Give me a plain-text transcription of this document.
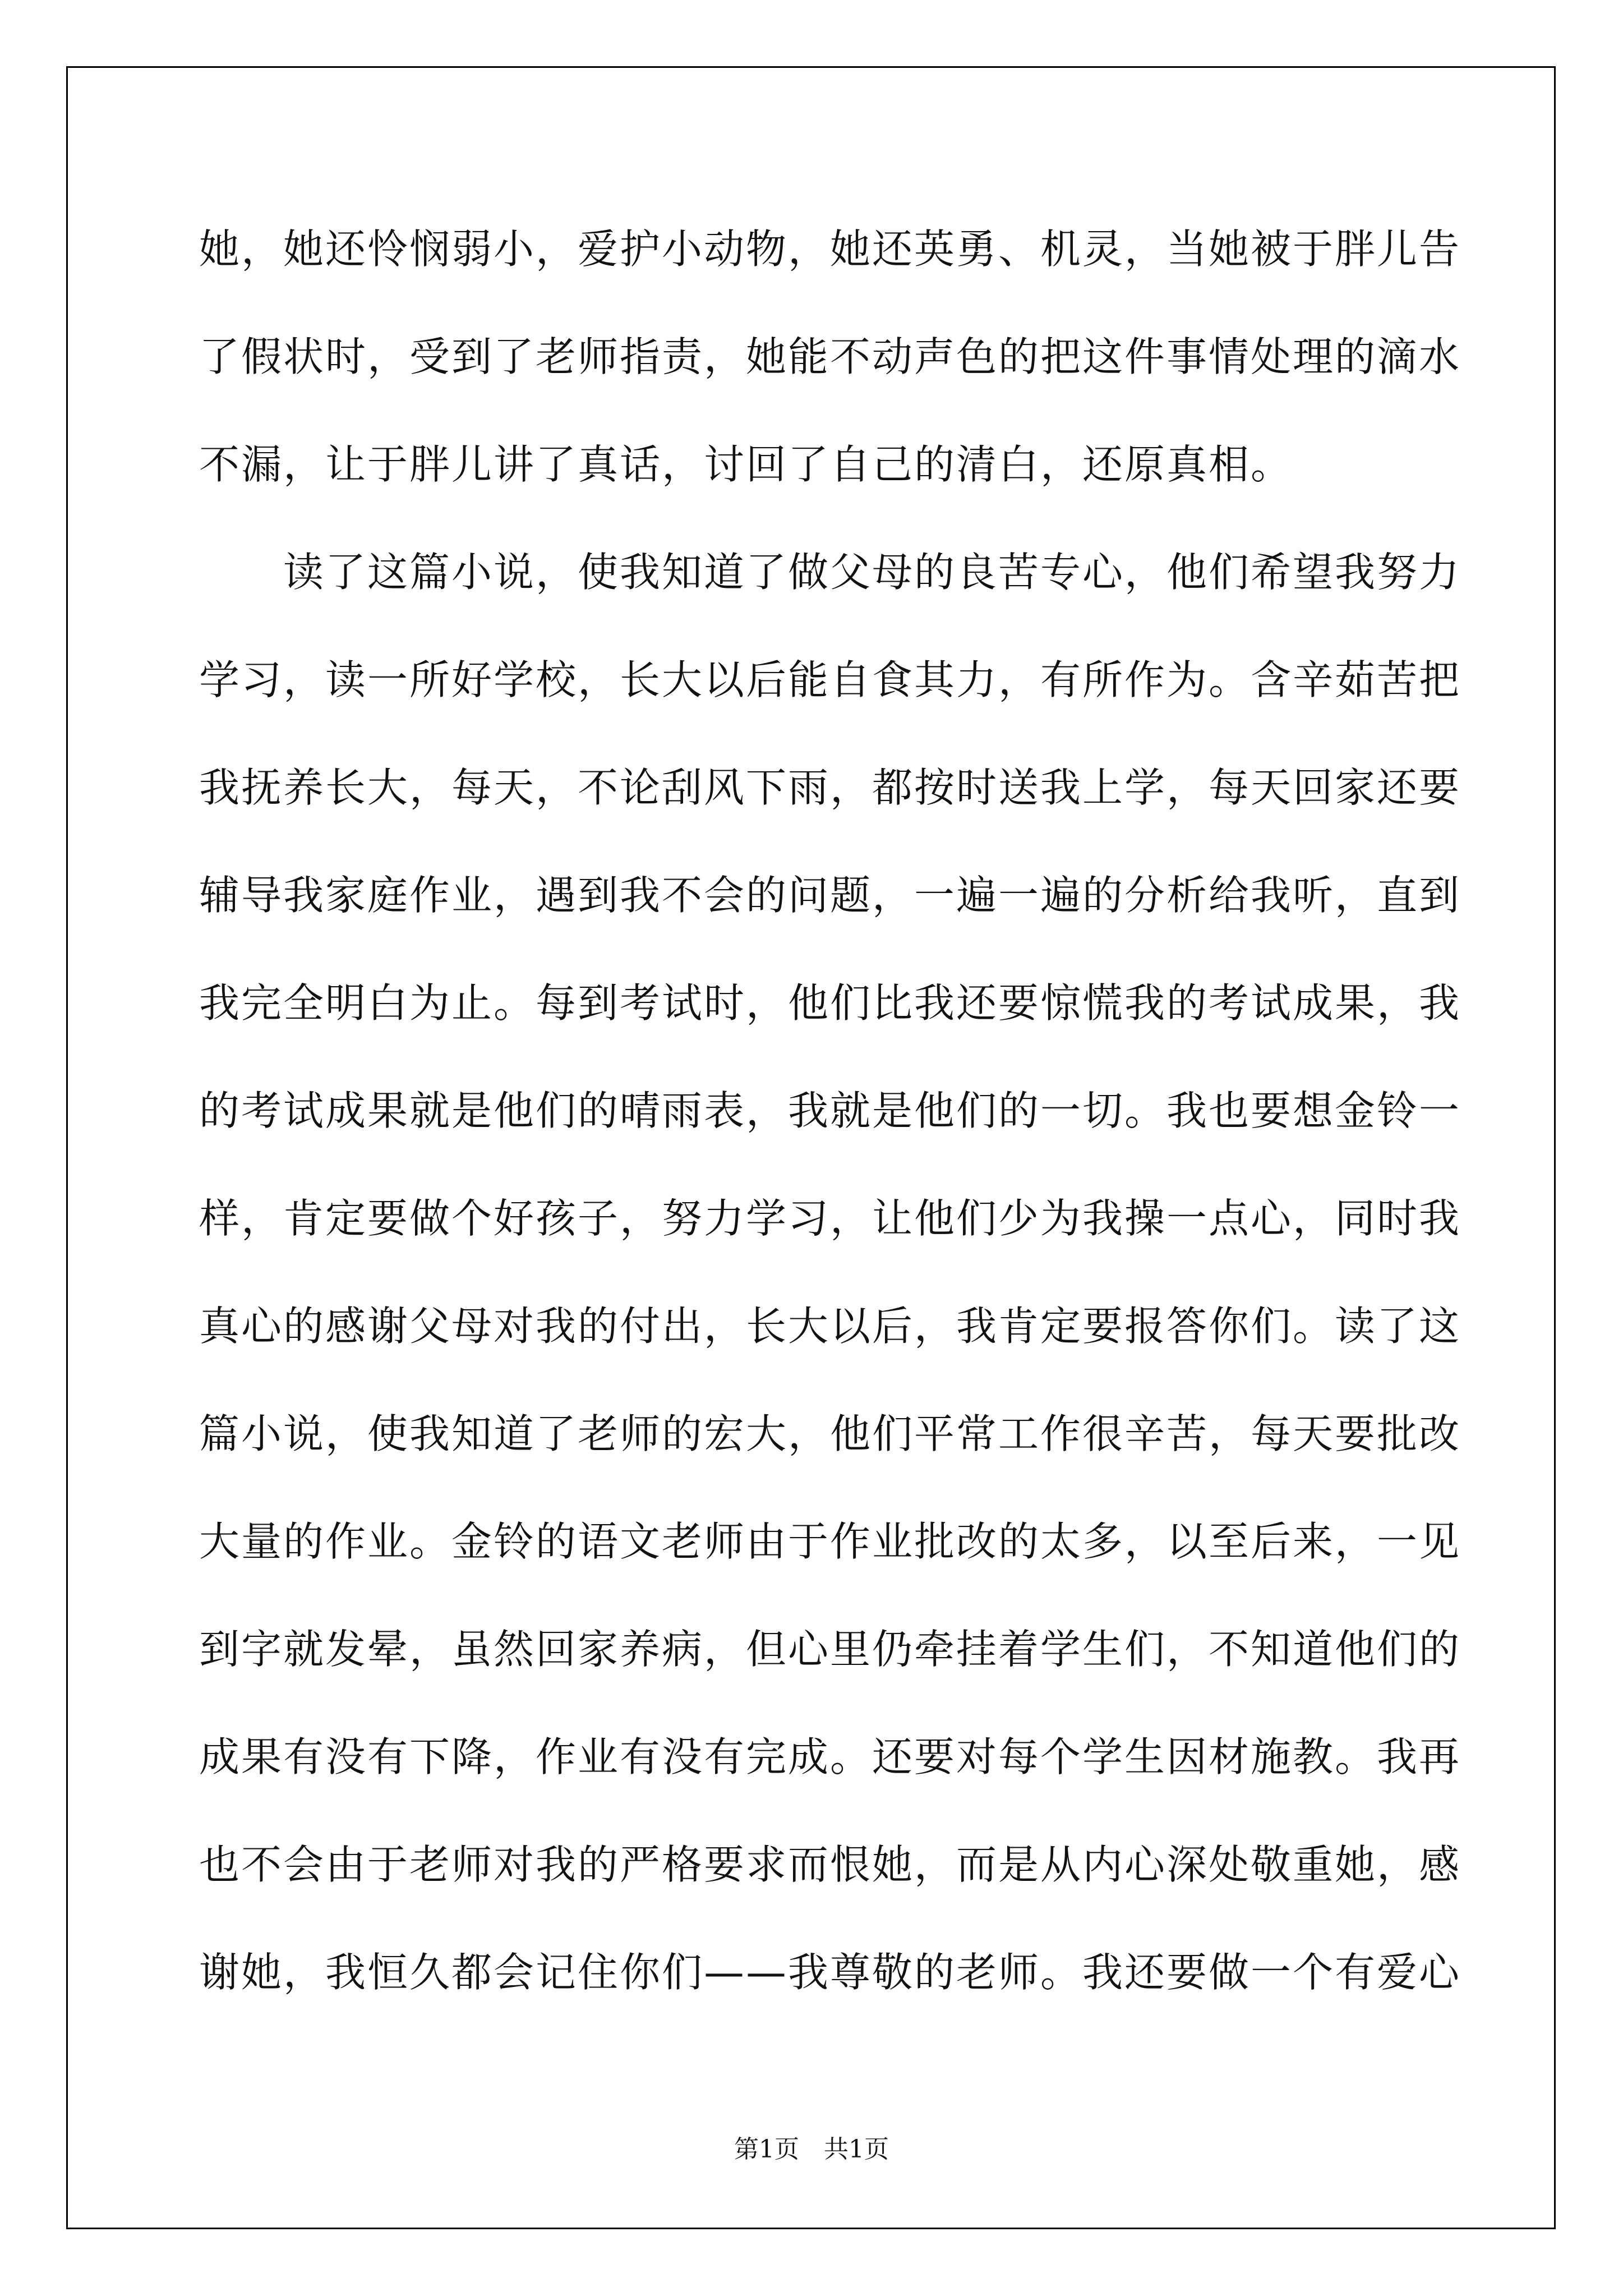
她，她还怜悯弱小，爱护小动物，她还英勇、机灵，当她被于胖儿告
了假状时，受到了老师指责，她能不动声色的把这件事情处理的滴水
不漏，让于胖儿讲了真话，讨回了自己的清白，还原真相。
　　读了这篇小说，使我知道了做父母的良苦专心，他们希望我努力
学习，读一所好学校，长大以后能自食其力，有所作为。含辛茹苦把
我抚养长大，每天，不论刮风下雨，都按时送我上学，每天回家还要
辅导我家庭作业，遇到我不会的问题，一遍一遍的分析给我听，直到
我完全明白为止。每到考试时，他们比我还要惊慌我的考试成果，我
的考试成果就是他们的晴雨表，我就是他们的一切。我也要想金铃一
样，肯定要做个好孩子，努力学习，让他们少为我操一点心，同时我
真心的感谢父母对我的付出，长大以后，我肯定要报答你们。读了这
篇小说，使我知道了老师的宏大，他们平常工作很辛苦，每天要批改
大量的作业。金铃的语文老师由于作业批改的太多，以至后来，一见
到字就发晕，虽然回家养病，但心里仍牵挂着学生们，不知道他们的
成果有没有下降，作业有没有完成。还要对每个学生因材施教。我再
也不会由于老师对我的严格要求而恨她，而是从内心深处敬重她，感
谢她，我恒久都会记住你们——我尊敬的老师。我还要做一个有爱心
第1页　共1页
